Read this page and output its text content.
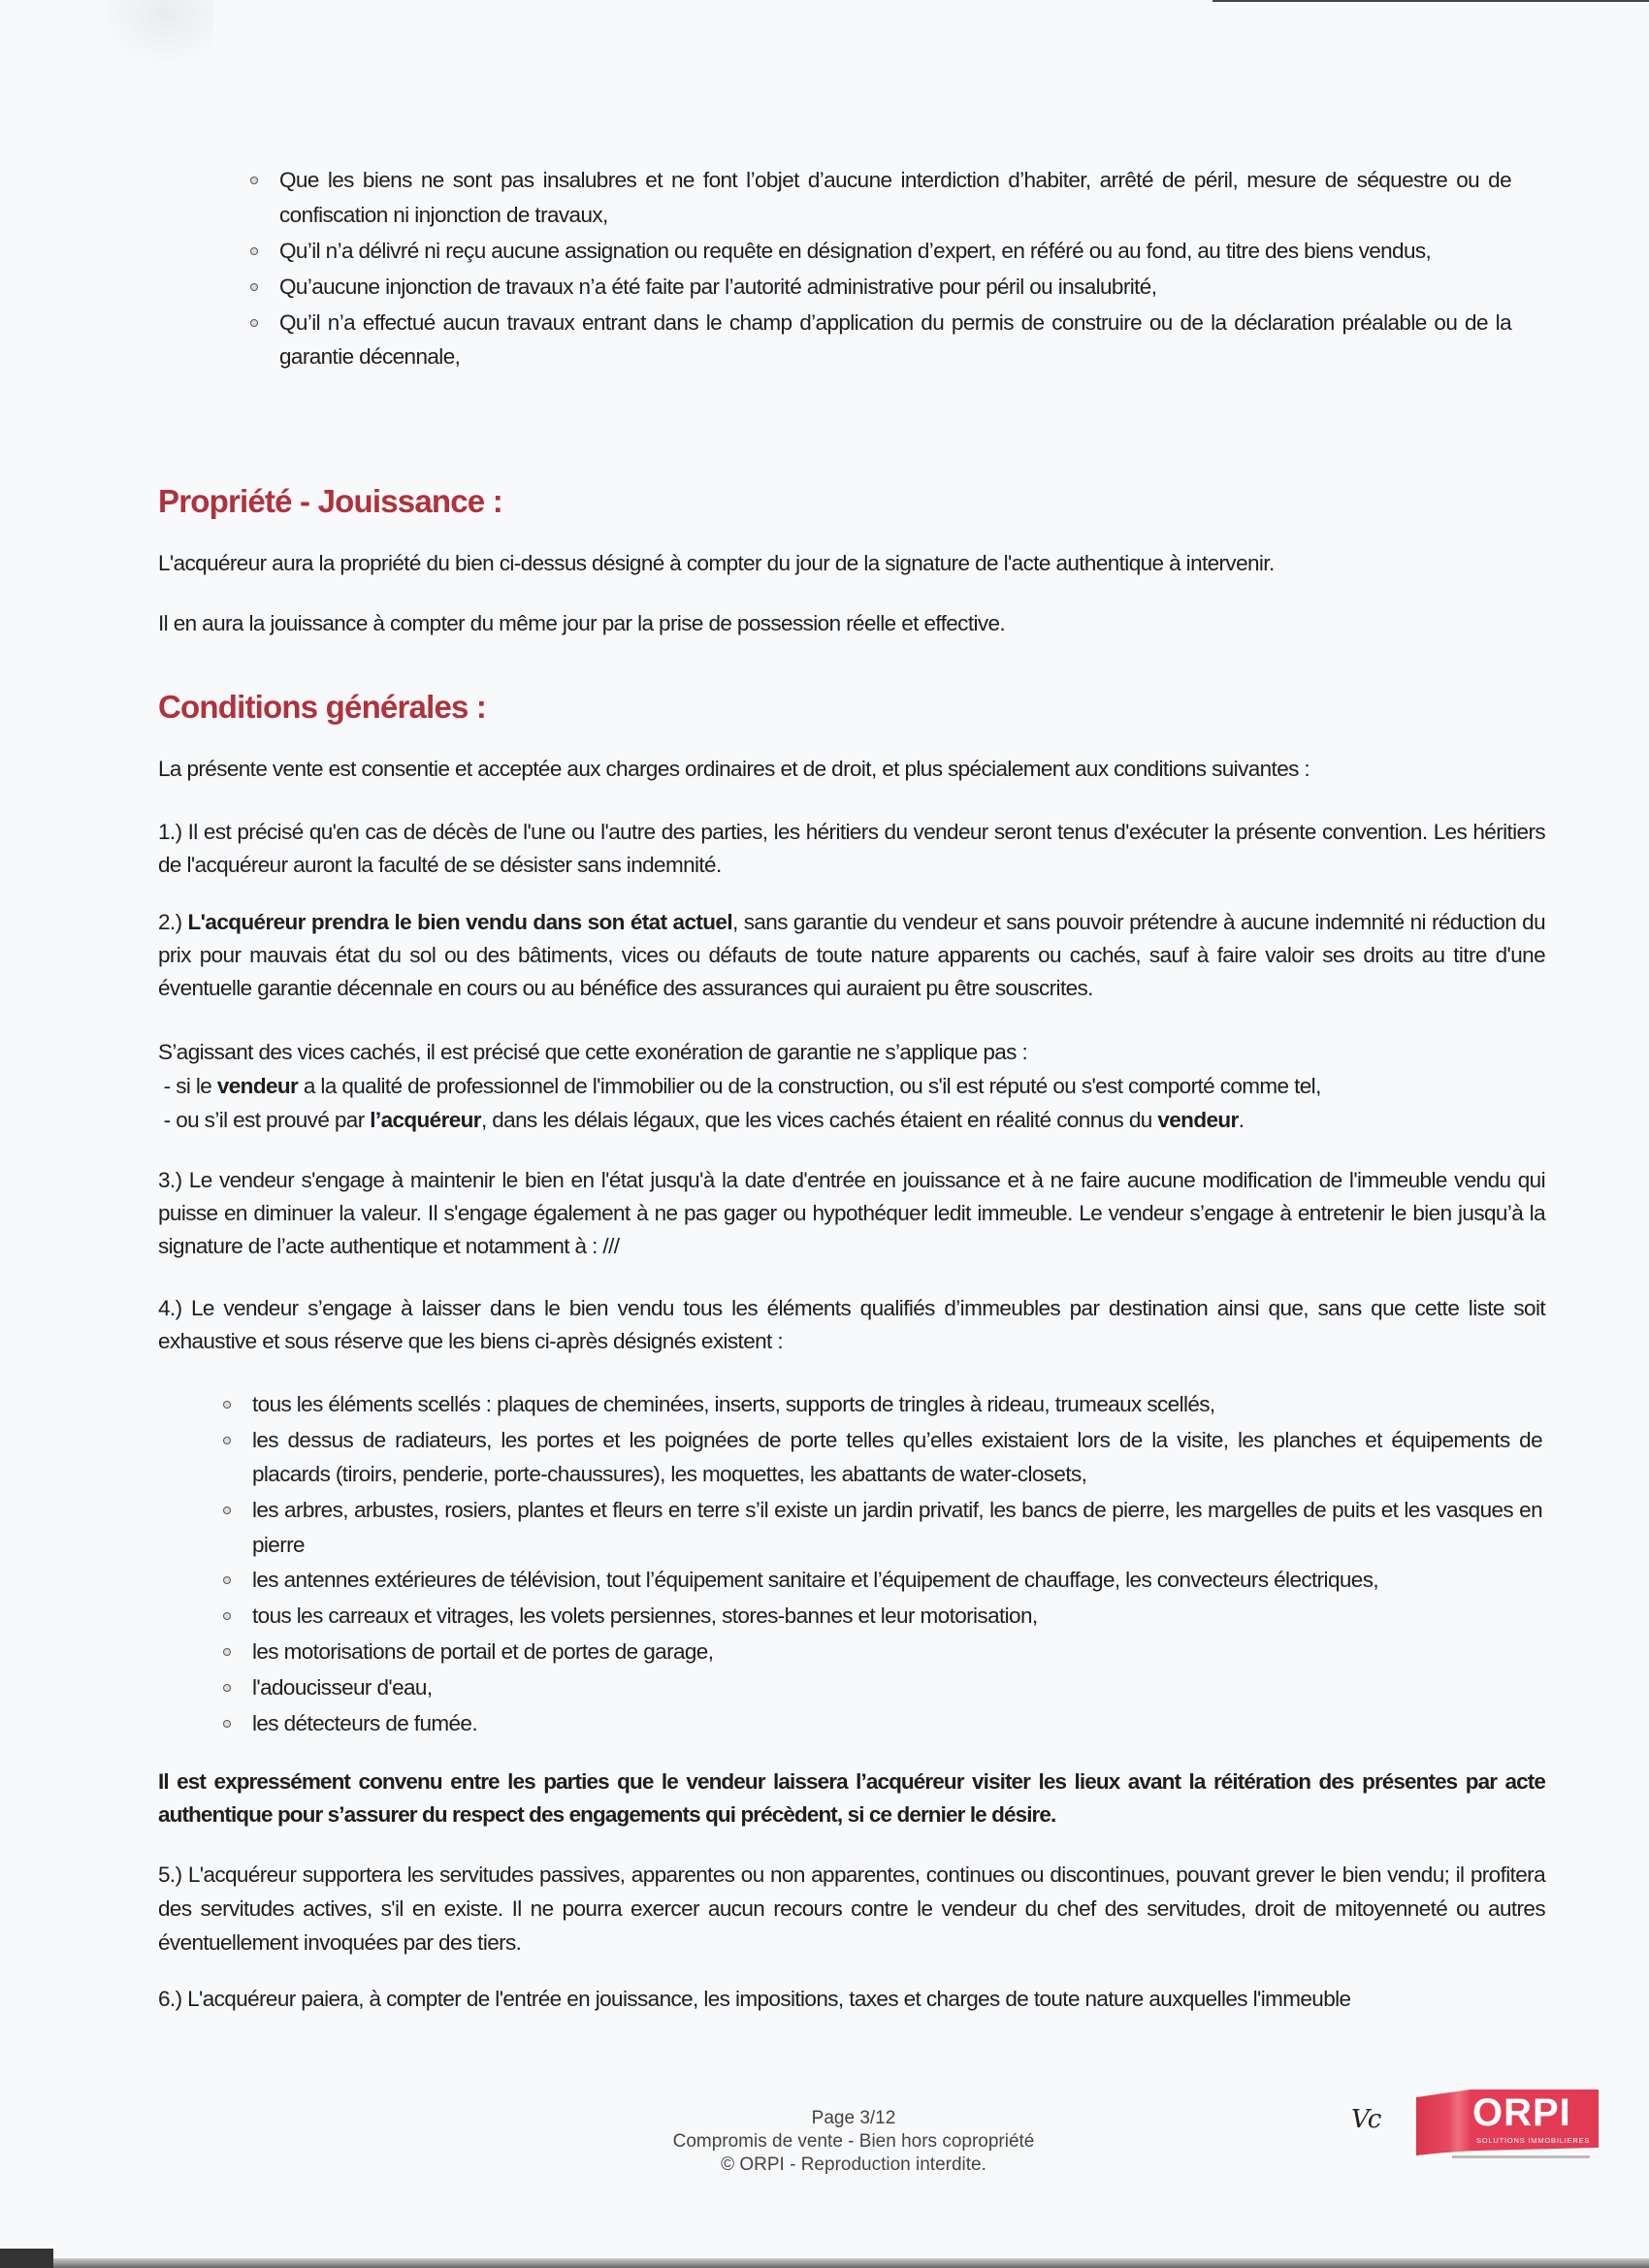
Que les biens ne sont pas insalubres et ne font l’objet d’aucune interdiction d’habiter, arrêté de péril, mesure de séquestre ou de confiscation ni injonction de travaux,
Qu’il n’a délivré ni reçu aucune assignation ou requête en désignation d’expert, en référé ou au fond, au titre des biens vendus,
Qu’aucune injonction de travaux n’a été faite par l’autorité administrative pour péril ou insalubrité,
Qu’il n’a effectué aucun travaux entrant dans le champ d’application du permis de construire ou de la déclaration préalable ou de la garantie décennale,
Propriété - Jouissance :

L'acquéreur aura la propriété du bien ci-dessus désigné à compter du jour de la signature de l'acte authentique à intervenir.

Il en aura la jouissance à compter du même jour par la prise de possession réelle et effective.

Conditions générales :

La présente vente est consentie et acceptée aux charges ordinaires et de droit, et plus spécialement aux conditions suivantes :

1.) Il est précisé qu'en cas de décès de l'une ou l'autre des parties, les héritiers du vendeur seront tenus d'exécuter la présente convention. Les héritiers de l'acquéreur auront la faculté de se désister sans indemnité.

2.) L'acquéreur prendra le bien vendu dans son état actuel, sans garantie du vendeur et sans pouvoir prétendre à aucune indemnité ni réduction du prix pour mauvais état du sol ou des bâtiments, vices ou défauts de toute nature apparents ou cachés, sauf à faire valoir ses droits au titre d'une éventuelle garantie décennale en cours ou au bénéfice des assurances qui auraient pu être souscrites.

S’agissant des vices cachés, il est précisé que cette exonération de garantie ne s’applique pas :
- si le vendeur a la qualité de professionnel de l'immobilier ou de la construction, ou s'il est réputé ou s'est comporté comme tel,
- ou s’il est prouvé par l’acquéreur, dans les délais légaux, que les vices cachés étaient en réalité connus du vendeur.

3.) Le vendeur s'engage à maintenir le bien en l'état jusqu'à la date d'entrée en jouissance et à ne faire aucune modification de l'immeuble vendu qui puisse en diminuer la valeur. Il s'engage également à ne pas gager ou hypothéquer ledit immeuble. Le vendeur s’engage à entretenir le bien jusqu’à la signature de l’acte authentique et notamment à : ///

4.) Le vendeur s’engage à laisser dans le bien vendu tous les éléments qualifiés d’immeubles par destination ainsi que, sans que cette liste soit exhaustive et sous réserve que les biens ci-après désignés existent :

tous les éléments scellés : plaques de cheminées, inserts, supports de tringles à rideau, trumeaux scellés,
les dessus de radiateurs, les portes et les poignées de porte telles qu’elles existaient lors de la visite, les planches et équipements de placards (tiroirs, penderie, porte-chaussures), les moquettes, les abattants de water-closets,
les arbres, arbustes, rosiers, plantes et fleurs en terre s’il existe un jardin privatif, les bancs de pierre, les margelles de puits et les vasques en pierre
les antennes extérieures de télévision, tout l’équipement sanitaire et l’équipement de chauffage, les convecteurs électriques,
tous les carreaux et vitrages, les volets persiennes, stores-bannes et leur motorisation,
les motorisations de portail et de portes de garage,
l'adoucisseur d'eau,
les détecteurs de fumée.

Il est expressément convenu entre les parties que le vendeur laissera l’acquéreur visiter les lieux avant la réitération des présentes par acte authentique pour s’assurer du respect des engagements qui précèdent, si ce dernier le désire.

5.) L'acquéreur supportera les servitudes passives, apparentes ou non apparentes, continues ou discontinues, pouvant grever le bien vendu; il profitera des servitudes actives, s'il en existe. Il ne pourra exercer aucun recours contre le vendeur du chef des servitudes, droit de mitoyenneté ou autres éventuellement invoquées par des tiers.

6.) L'acquéreur paiera, à compter de l'entrée en jouissance, les impositions, taxes et charges de toute nature auxquelles l'immeuble

Page 3/12
Compromis de vente - Bien hors copropriété
© ORPI - Reproduction interdite.
Vc ORPI
SOLUTIONS IMMOBILIERES
